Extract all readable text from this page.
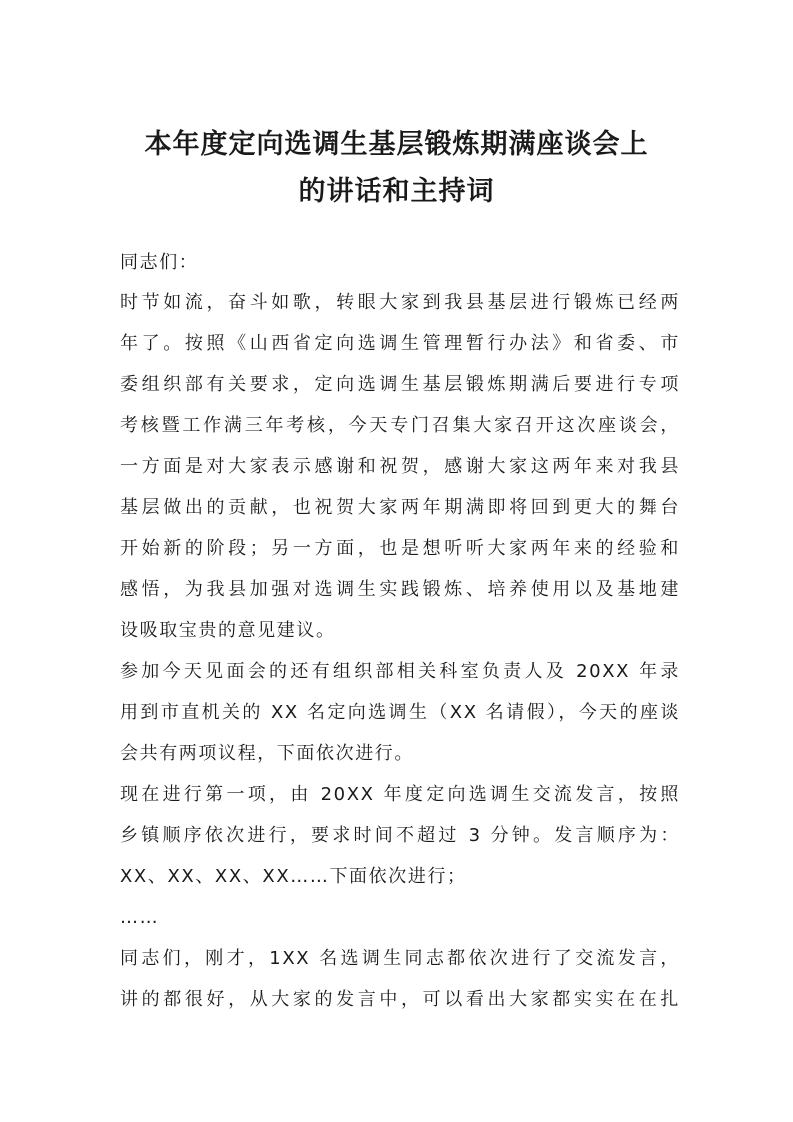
本年度定向选调生基层锻炼期满座谈会上
的讲话和主持词

同志们：

时节如流，奋斗如歌，转眼大家到我县基层进行锻炼已经两

年了。按照《山西省定向选调生管理暂行办法》和省委、市

委组织部有关要求，定向选调生基层锻炼期满后要进行专项

考核暨工作满三年考核，今天专门召集大家召开这次座谈会，

一方面是对大家表示感谢和祝贺，感谢大家这两年来对我县

基层做出的贡献，也祝贺大家两年期满即将回到更大的舞台

开始新的阶段；另一方面，也是想听听大家两年来的经验和

感悟，为我县加强对选调生实践锻炼、培养使用以及基地建

设吸取宝贵的意见建议。

参加今天见面会的还有组织部相关科室负责人及 20XX 年录

用到市直机关的 XX 名定向选调生（XX 名请假），今天的座谈

会共有两项议程，下面依次进行。

现在进行第一项，由 20XX 年度定向选调生交流发言，按照

乡镇顺序依次进行，要求时间不超过 3 分钟。发言顺序为：

XX、XX、XX、XX……下面依次进行；

……

同志们，刚才，1XX 名选调生同志都依次进行了交流发言，

讲的都很好，从大家的发言中，可以看出大家都实实在在扎
